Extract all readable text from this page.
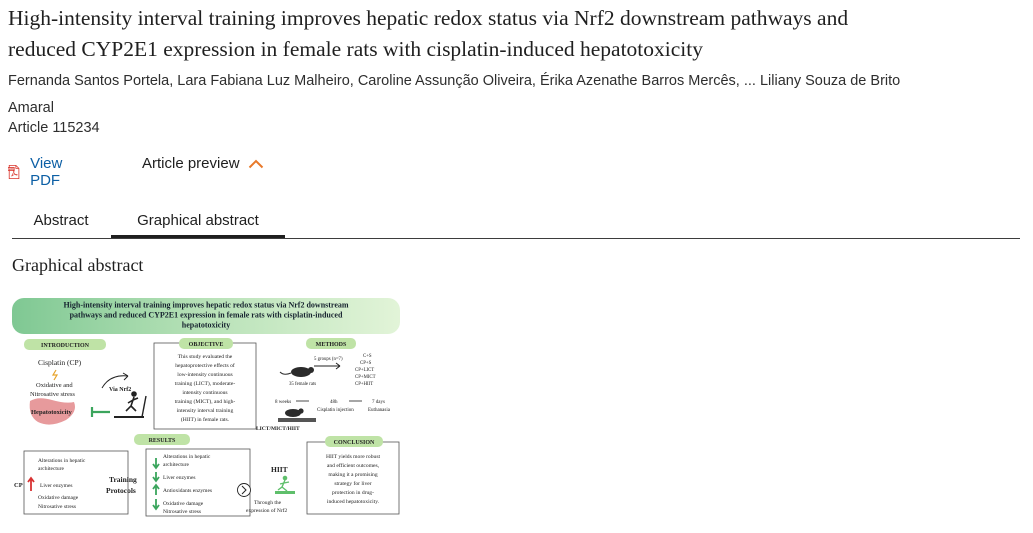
High-intensity interval training improves hepatic redox status via Nrf2 downstream pathways and
reduced CYP2E1 expression in female rats with cisplatin-induced hepatotoxicity
Fernanda Santos Portela, Lara Fabiana Luz Malheiro, Caroline Assunção Oliveira, Érika Azenathe Barros Mercês, ... Liliany Souza de Brito
Amaral
Article 115234
PDF View PDF
Article preview
Abstract	Graphical abstract
Graphical abstract
High-intensity interval training improves hepatic redox status via Nrf2 downstream
pathways and reduced CYP2E1 expression in female rats with cisplatin-induced
hepatotoxicity
INTRODUCTION
Cisplatin (CP)
Oxidative and
Nitrosative stress
Hepatotoxicity
Via Nrf2
OBJECTIVE
This study evaluated the
hepatoprotective effects of
low-intensity continuous
training (LICT), moderate-
intensity continuous
training (MICT), and high-
intensity interval training
(HIIT) in female rats.
METHODS
5 groups (n=7)
35 female rats
C+S
CP+S
CP+LICT
CP+MICT
CP+HIIT
8 weeks	48h	7 days
Cisplatin injection	Euthanasia
LICT/MICT/HIIT
RESULTS
CP
Alterations in hepatic
architecture
Liver enzymes
Oxidative damage
Nitrosative stress
Training
Protocols
Alterations in hepatic
architecture
Liver enzymes
Antioxidants enzymes
Oxidative damage
Nitrosative stress
HIIT
Through the
expression of Nrf2
CONCLUSION
HIIT yields more robust
and efficient outcomes,
making it a promising
strategy for liver
protection in drug-
induced hepatotoxicity.
